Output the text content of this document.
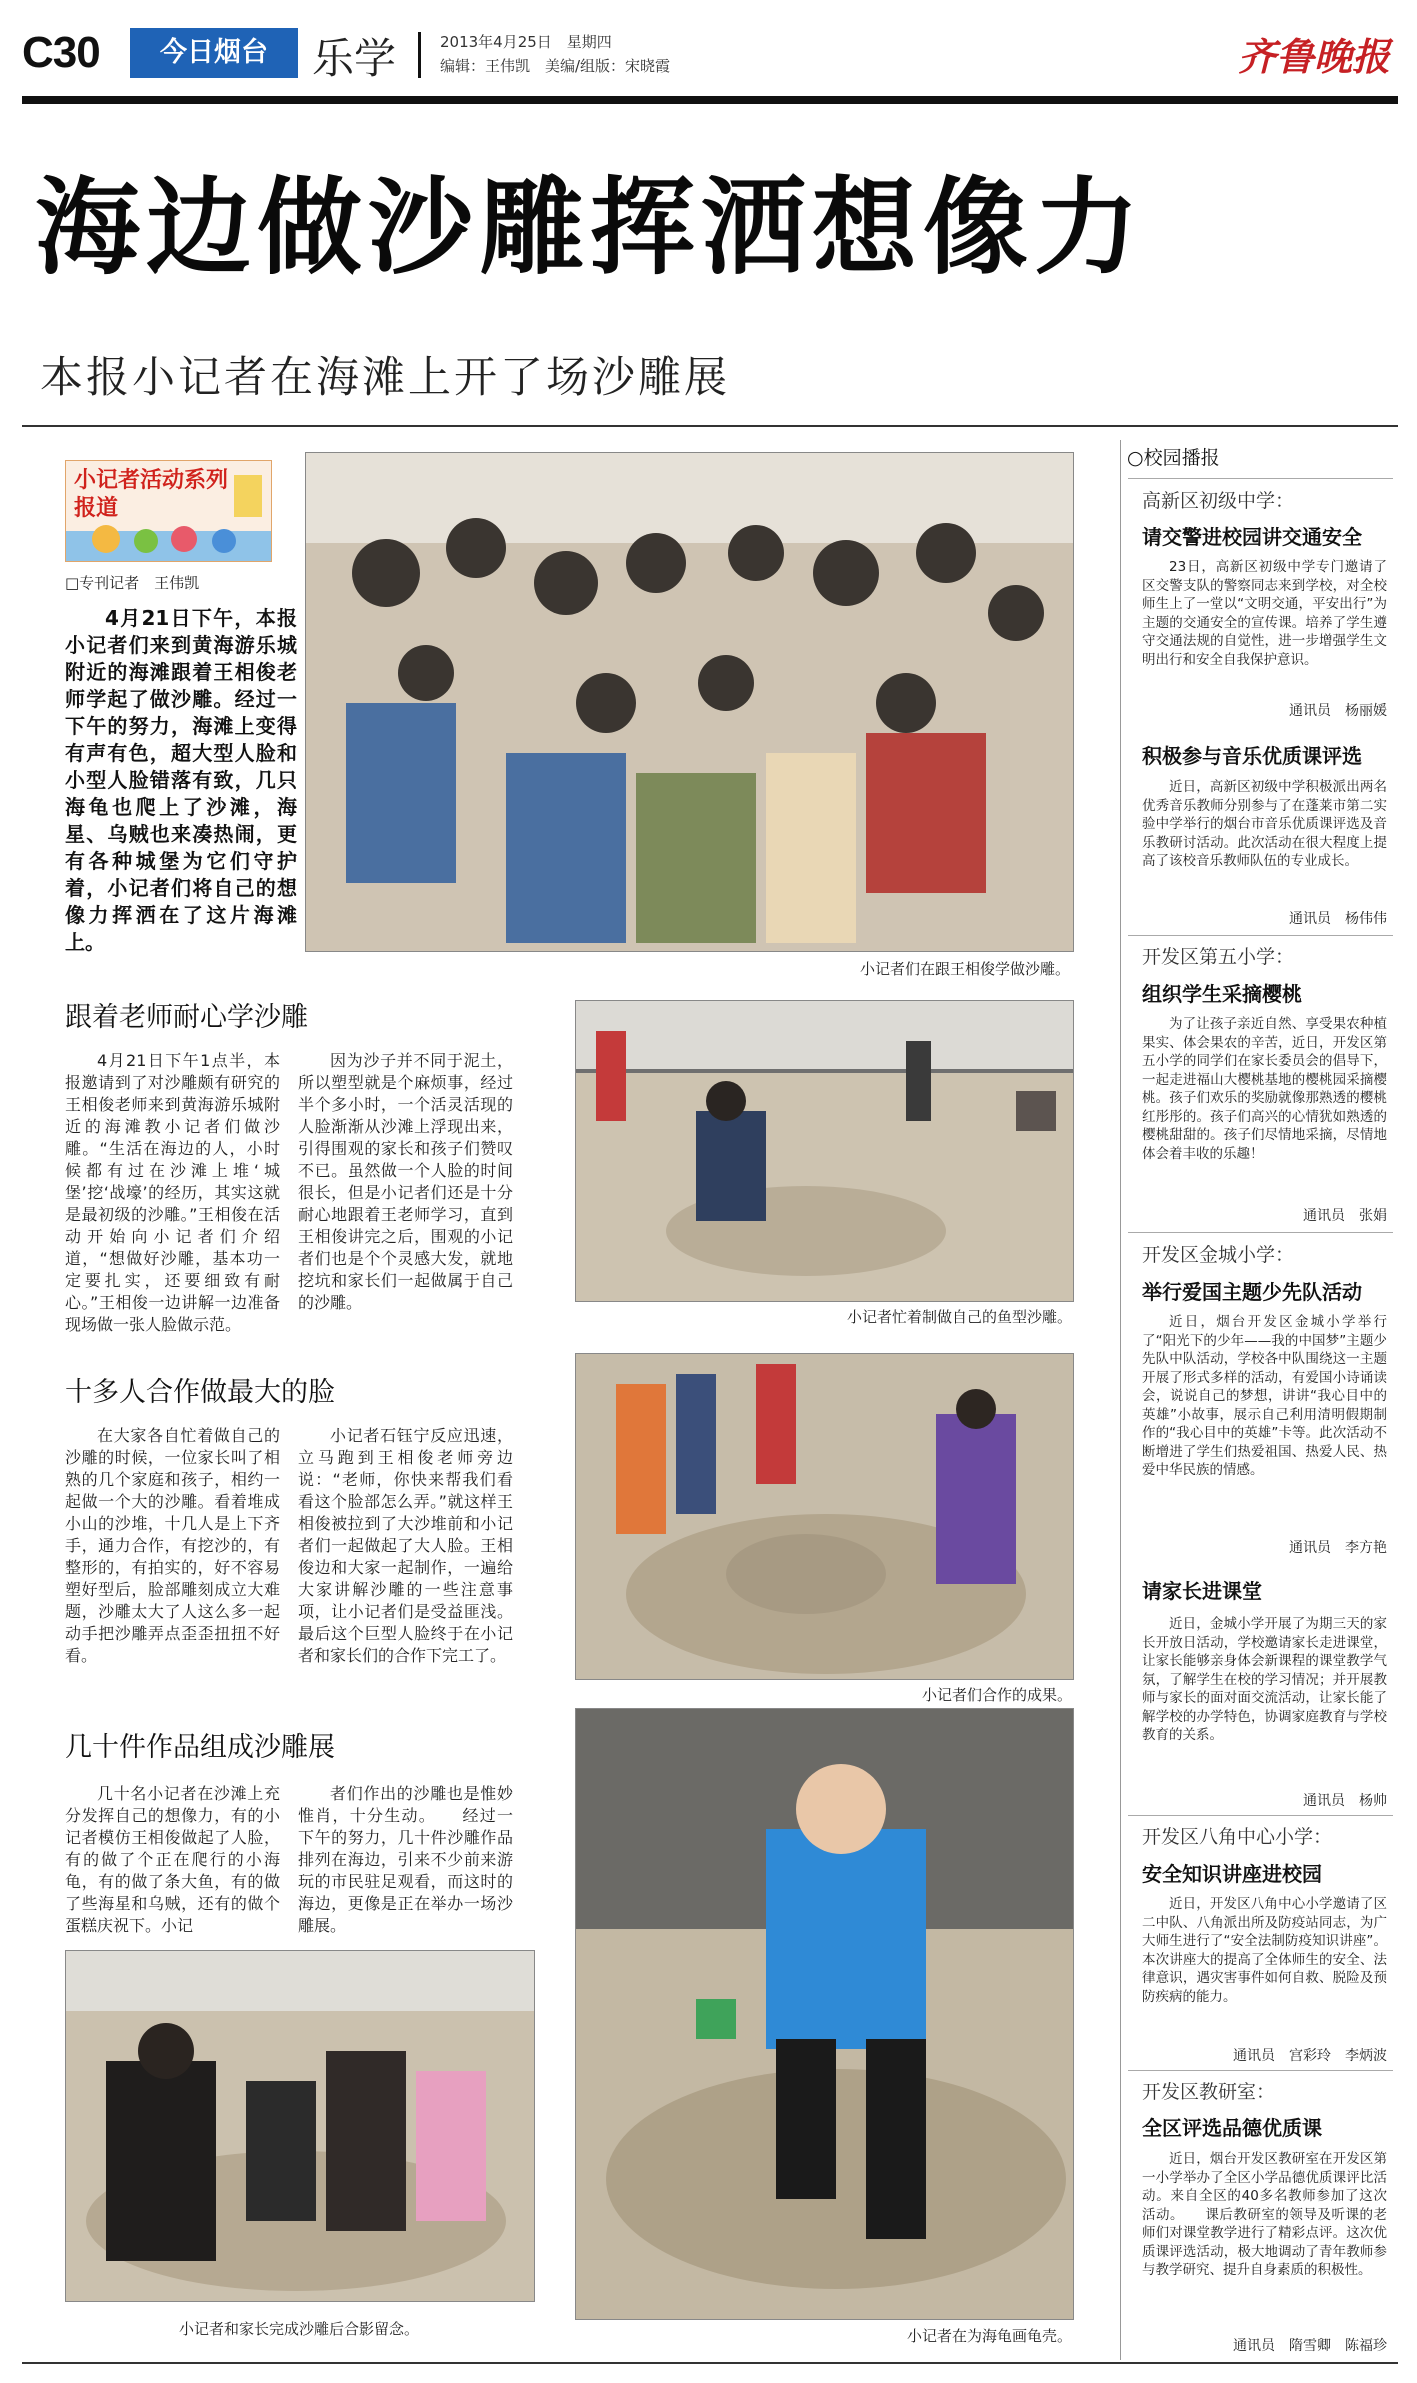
C30	今日烟台	乐学	2013年4月25日　星期四
编辑：王伟凯　美编/组版：宋晓霞	齐鲁晚报
海边做沙雕挥洒想像力
本报小记者在海滩上开了场沙雕展
小记者活动系列报道
□专刊记者　王伟凯
4月21日下午，本报小记者们来到黄海游乐城附近的海滩跟着王相俊老师学起了做沙雕。经过一下午的努力，海滩上变得有声有色，超大型人脸和小型人脸错落有致，几只海龟也爬上了沙滩，海星、乌贼也来凑热闹，更有各种城堡为它们守护着，小记者们将自己的想像力挥洒在了这片海滩上。
小记者们在跟王相俊学做沙雕。
跟着老师耐心学沙雕
4月21日下午1点半，本报邀请到了对沙雕颇有研究的王相俊老师来到黄海游乐城附近的海滩教小记者们做沙雕。“生活在海边的人，小时候都有过在沙滩上堆‘城堡’挖‘战壕’的经历，其实这就是最初级的沙雕。”王相俊在活动开始向小记者们介绍道，“想做好沙雕，基本功一定要扎实，还要细致有耐心。”王相俊一边讲解一边准备现场做一张人脸做示范。
因为沙子并不同于泥土，所以塑型就是个麻烦事，经过半个多小时，一个活灵活现的人脸渐渐从沙滩上浮现出来，引得围观的家长和孩子们赞叹不已。虽然做一个人脸的时间很长，但是小记者们还是十分耐心地跟着王老师学习，直到王相俊讲完之后，围观的小记者们也是个个灵感大发，就地挖坑和家长们一起做属于自己的沙雕。
小记者忙着制做自己的鱼型沙雕。
十多人合作做最大的脸
在大家各自忙着做自己的沙雕的时候，一位家长叫了相熟的几个家庭和孩子，相约一起做一个大的沙雕。看着堆成小山的沙堆，十几人是上下齐手，通力合作，有挖沙的，有整形的，有拍实的，好不容易塑好型后，脸部雕刻成立大难题，沙雕太大了人这么多一起动手把沙雕弄点歪歪扭扭不好看。
小记者石钰宁反应迅速，立马跑到王相俊老师旁边说：“老师，你快来帮我们看看这个脸部怎么弄。”就这样王相俊被拉到了大沙堆前和小记者们一起做起了大人脸。王相俊边和大家一起制作，一遍给大家讲解沙雕的一些注意事项，让小记者们是受益匪浅。最后这个巨型人脸终于在小记者和家长们的合作下完工了。
小记者们合作的成果。
几十件作品组成沙雕展
几十名小记者在沙滩上充分发挥自己的想像力，有的小记者模仿王相俊做起了人脸，有的做了个正在爬行的小海龟，有的做了条大鱼，有的做了些海星和乌贼，还有的做个蛋糕庆祝下。小记
者们作出的沙雕也是惟妙惟肖，十分生动。　　经过一下午的努力，几十件沙雕作品排列在海边，引来不少前来游玩的市民驻足观看，而这时的海边，更像是正在举办一场沙雕展。
小记者和家长完成沙雕后合影留念。	小记者在为海龟画龟壳。
○校园播报
高新区初级中学：
请交警进校园讲交通安全
23日，高新区初级中学专门邀请了区交警支队的警察同志来到学校，对全校师生上了一堂以“文明交通，平安出行”为主题的交通安全的宣传课。培养了学生遵守交通法规的自觉性，进一步增强学生文明出行和安全自我保护意识。
通讯员　杨丽媛
积极参与音乐优质课评选
近日，高新区初级中学积极派出两名优秀音乐教师分别参与了在蓬莱市第二实验中学举行的烟台市音乐优质课评选及音乐教研讨活动。此次活动在很大程度上提高了该校音乐教师队伍的专业成长。
通讯员　杨伟伟
开发区第五小学：
组织学生采摘樱桃
为了让孩子亲近自然、享受果农种植果实、体会果农的辛苦，近日，开发区第五小学的同学们在家长委员会的倡导下，一起走进福山大樱桃基地的樱桃园采摘樱桃。孩子们欢乐的奖励就像那熟透的樱桃红彤彤的。孩子们高兴的心情犹如熟透的樱桃甜甜的。孩子们尽情地采摘，尽情地体会着丰收的乐趣！
通讯员　张娟
开发区金城小学：
举行爱国主题少先队活动
近日，烟台开发区金城小学举行了“阳光下的少年——我的中国梦”主题少先队中队活动，学校各中队围绕这一主题开展了形式多样的活动，有爱国小诗诵读会，说说自己的梦想，讲讲“我心目中的英雄”小故事，展示自己利用清明假期制作的“我心目中的英雄”卡等。此次活动不断增进了学生们热爱祖国、热爱人民、热爱中华民族的情感。
通讯员　李方艳
请家长进课堂
近日，金城小学开展了为期三天的家长开放日活动，学校邀请家长走进课堂，让家长能够亲身体会新课程的课堂教学气氛，了解学生在校的学习情况；并开展教师与家长的面对面交流活动，让家长能了解学校的办学特色，协调家庭教育与学校教育的关系。
通讯员　杨帅
开发区八角中心小学：
安全知识讲座进校园
近日，开发区八角中心小学邀请了区二中队、八角派出所及防疫站同志，为广大师生进行了“安全法制防疫知识讲座”。本次讲座大的提高了全体师生的安全、法律意识，遇灾害事件如何自救、脱险及预防疾病的能力。
通讯员　宫彩玲　李炳波
开发区教研室：
全区评选品德优质课
近日，烟台开发区教研室在开发区第一小学举办了全区小学品德优质课评比活动。来自全区的40多名教师参加了这次活动。　　课后教研室的领导及听课的老师们对课堂教学进行了精彩点评。这次优质课评选活动，极大地调动了青年教师参与教学研究、提升自身素质的积极性。
通讯员　隋雪卿　陈福珍
